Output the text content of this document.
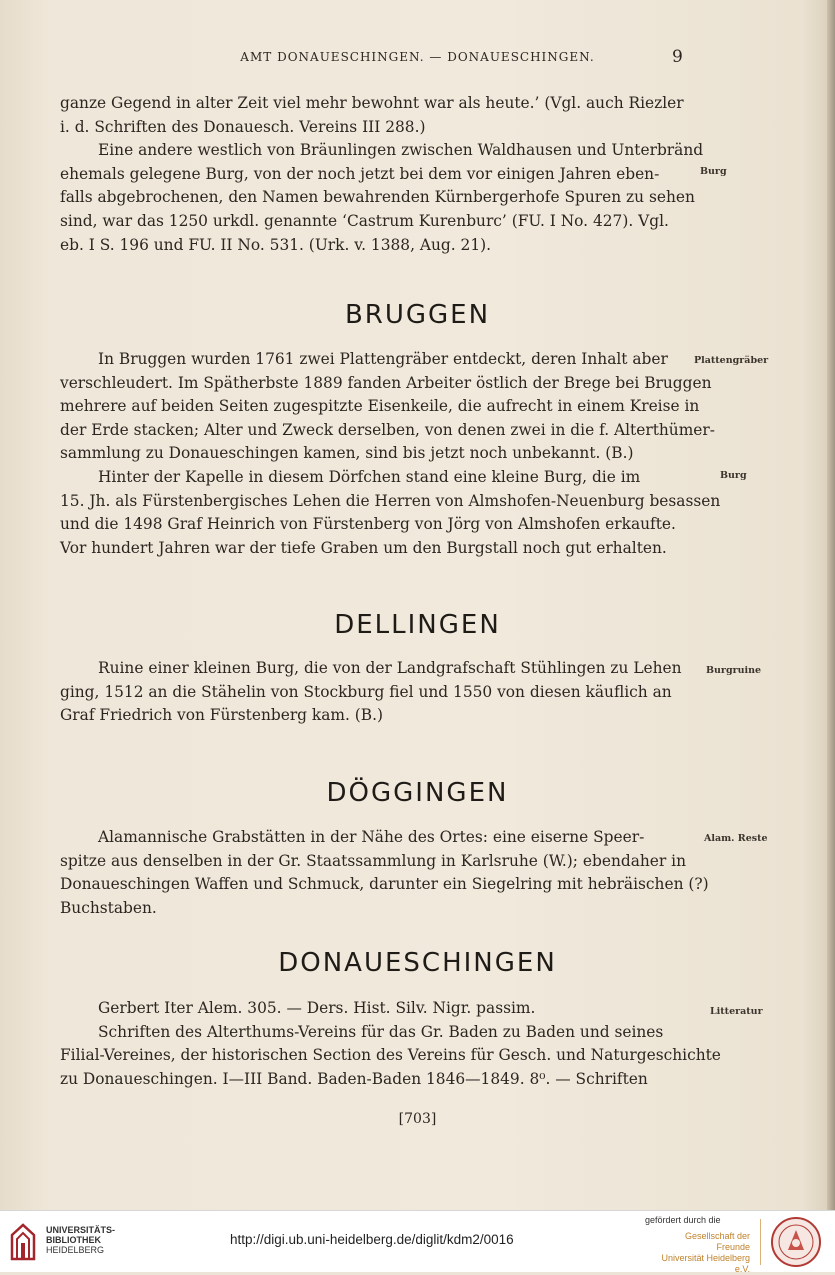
AMT DONAUESCHINGEN. — DONAUESCHINGEN.	9
ganze Gegend in alter Zeit viel mehr bewohnt war als heute.’ (Vgl. auch Riezler
i. d. Schriften des Donauesch. Vereins III 288.)
Eine andere westlich von Bräunlingen zwischen Waldhausen und Unterbränd
ehemals gelegene Burg, von der noch jetzt bei dem vor einigen Jahren eben-
falls abgebrochenen, den Namen bewahrenden Kürnbergerhofe Spuren zu sehen
sind, war das 1250 urkdl. genannte ‘Castrum Kurenburc’ (FU. I No. 427). Vgl.
eb. I S. 196 und FU. II No. 531. (Urk. v. 1388, Aug. 21).
Burg
BRUGGEN
In Bruggen wurden 1761 zwei Plattengräber entdeckt, deren Inhalt aber
verschleudert. Im Spätherbste 1889 fanden Arbeiter östlich der Brege bei Bruggen
mehrere auf beiden Seiten zugespitzte Eisenkeile, die aufrecht in einem Kreise in
der Erde stacken; Alter und Zweck derselben, von denen zwei in die f. Alterthümer-
sammlung zu Donaueschingen kamen, sind bis jetzt noch unbekannt. (B.)
Hinter der Kapelle in diesem Dörfchen stand eine kleine Burg, die im
15. Jh. als Fürstenbergisches Lehen die Herren von Almshofen-Neuenburg besassen
und die 1498 Graf Heinrich von Fürstenberg von Jörg von Almshofen erkaufte.
Vor hundert Jahren war der tiefe Graben um den Burgstall noch gut erhalten.
Plattengräber
Burg
DELLINGEN
Ruine einer kleinen Burg, die von der Landgrafschaft Stühlingen zu Lehen
ging, 1512 an die Stähelin von Stockburg fiel und 1550 von diesen käuflich an
Graf Friedrich von Fürstenberg kam. (B.)
Burgruine
DÖGGINGEN
Alamannische Grabstätten in der Nähe des Ortes: eine eiserne Speer-
spitze aus denselben in der Gr. Staatssammlung in Karlsruhe (W.); ebendaher in
Donaueschingen Waffen und Schmuck, darunter ein Siegelring mit hebräischen (?)
Buchstaben.
Alam. Reste
DONAUESCHINGEN
Gerbert Iter Alem. 305. — Ders. Hist. Silv. Nigr. passim.
Schriften des Alterthums-Vereins für das Gr. Baden zu Baden und seines
Filial-Vereines, der historischen Section des Vereins für Gesch. und Naturgeschichte
zu Donaueschingen. I—III Band. Baden-Baden 1846—1849. 8⁰. — Schriften
Litteratur
[703]
UNIVERSITÄTS-
BIBLIOTHEK
HEIDELBERG
http://digi.ub.uni-heidelberg.de/diglit/kdm2/0016
gefördert durch die
Gesellschaft der Freunde
Universität Heidelberg e.V.
